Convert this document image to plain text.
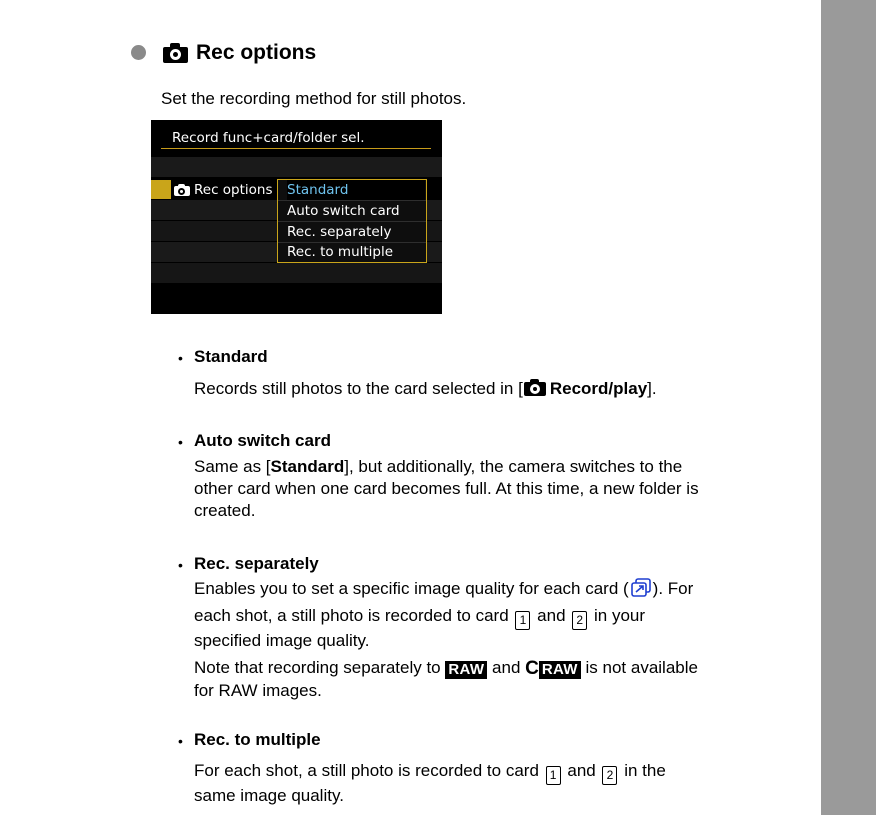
Rec options
Set the recording method for still photos.
Record func+card/folder sel.
Rec options Standard
Auto switch card
Rec. separately
Rec. to multiple
• Standard
Records still photos to the card selected in [ Record/play].
• Auto switch card
Same as [Standard], but additionally, the camera switches to the
other card when one card becomes full. At this time, a new folder is
created.
• Rec. separately
Enables you to set a specific image quality for each card ( ). For
each shot, a still photo is recorded to card 1 and 2 in your
specified image quality.
Note that recording separately to RAW and C RAW is not available
for RAW images.
• Rec. to multiple
For each shot, a still photo is recorded to card 1 and 2 in the
same image quality.
